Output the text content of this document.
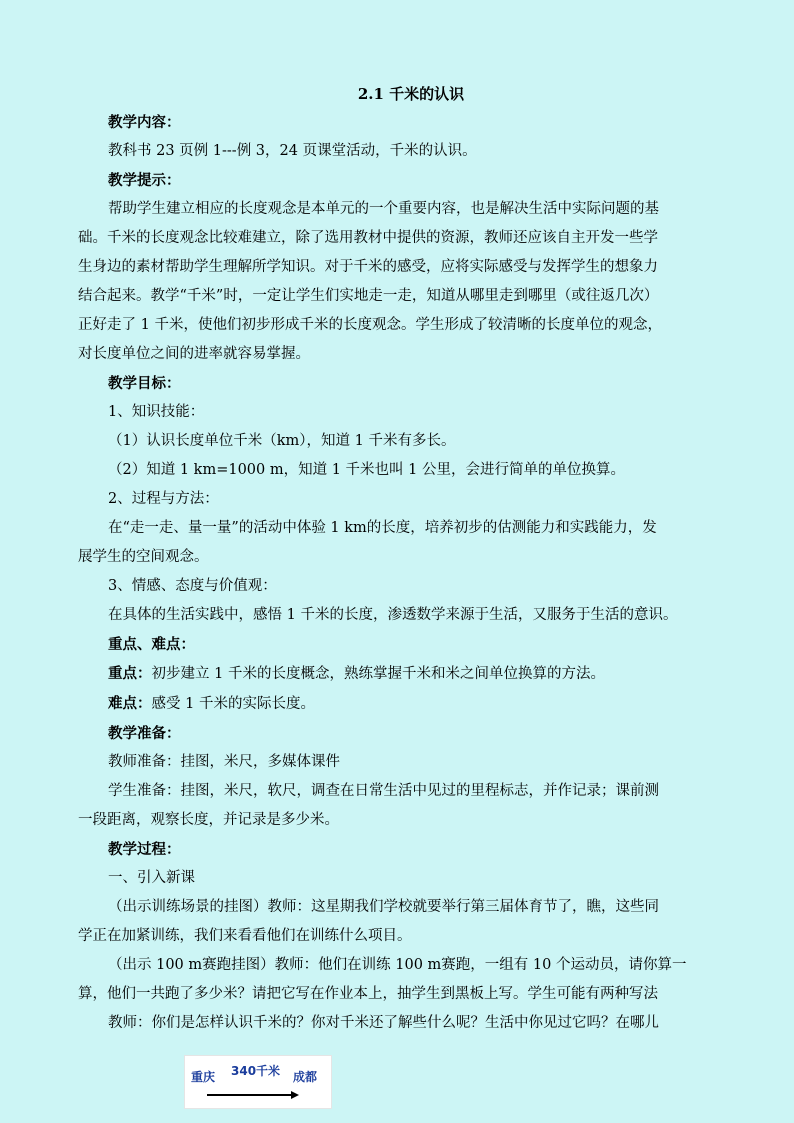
2.1 千米的认识
教学内容：
教科书 23 页例 1---例 3，24 页课堂活动，千米的认识。
教学提示：
帮助学生建立相应的长度观念是本单元的一个重要内容，也是解决生活中实际问题的基
础。千米的长度观念比较难建立，除了选用教材中提供的资源，教师还应该自主开发一些学
生身边的素材帮助学生理解所学知识。对于千米的感受，应将实际感受与发挥学生的想象力
结合起来。教学“千米”时，一定让学生们实地走一走，知道从哪里走到哪里（或往返几次）
正好走了 1 千米，使他们初步形成千米的长度观念。学生形成了较清晰的长度单位的观念，
对长度单位之间的进率就容易掌握。
教学目标：
1、知识技能：
（1）认识长度单位千米（km），知道 1 千米有多长。
（2）知道 1 km=1000 m，知道 1 千米也叫 1 公里，会进行简单的单位换算。
2、过程与方法：
在“走一走、量一量”的活动中体验 1 km的长度，培养初步的估测能力和实践能力，发
展学生的空间观念。
3、情感、态度与价值观：
在具体的生活实践中，感悟 1 千米的长度，渗透数学来源于生活，又服务于生活的意识。
重点、难点：
重点：初步建立 1 千米的长度概念，熟练掌握千米和米之间单位换算的方法。
难点：感受 1 千米的实际长度。
教学准备：
教师准备：挂图，米尺，多媒体课件
学生准备：挂图，米尺，软尺，调查在日常生活中见过的里程标志，并作记录；课前测
一段距离，观察长度，并记录是多少米。
教学过程：
一、引入新课
（出示训练场景的挂图）教师：这星期我们学校就要举行第三届体育节了，瞧，这些同
学正在加紧训练，我们来看看他们在训练什么项目。
（出示 100 m赛跑挂图）教师：他们在训练 100 m赛跑，一组有 10 个运动员，请你算一
算，他们一共跑了多少米？请把它写在作业本上，抽学生到黑板上写。学生可能有两种写法
教师：你们是怎样认识千米的？你对千米还了解些什么呢？生活中你见过它吗？在哪儿
重庆 340千米 成都
